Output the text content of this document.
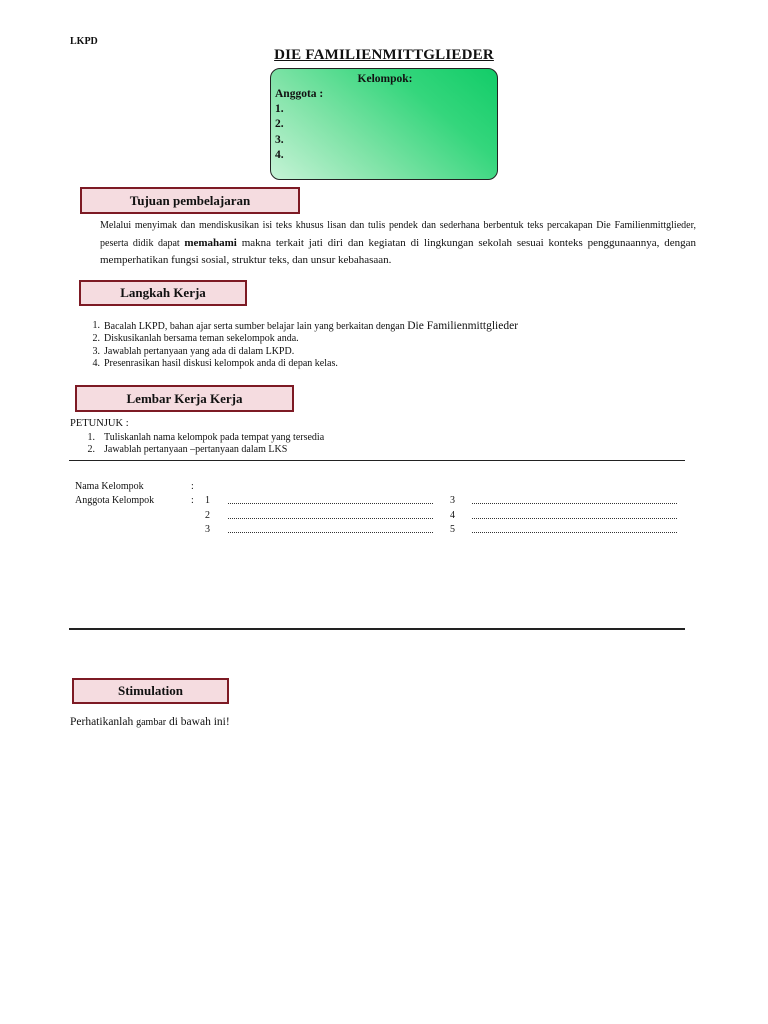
LKPD
DIE FAMILIENMITTGLIEDER
Kelompok:
Anggota :
1.
2.
3.
4.
Tujuan pembelajaran
Melalui menyimak dan mendiskusikan isi teks khusus lisan dan tulis pendek dan sederhana berbentuk teks percakapan Die Familienmittglieder, peserta didik dapat memahami makna terkait jati diri dan kegiatan di lingkungan sekolah sesuai konteks penggunaannya, dengan memperhatikan fungsi sosial, struktur teks, dan unsur kebahasaan.
Langkah Kerja
1. Bacalah LKPD, bahan ajar serta sumber belajar lain yang berkaitan dengan Die Familienmittglieder
2. Diskusikanlah bersama teman sekelompok anda.
3. Jawablah pertanyaan yang ada di dalam LKPD.
4. Presenrasikan hasil diskusi kelompok anda di depan kelas.
Lembar Kerja Kerja
PETUNJUK :
1. Tuliskanlah nama kelompok pada tempat yang tersedia
2. Jawablah pertanyaan –pertanyaan dalam LKS
Nama Kelompok	:
Anggota Kelompok	: 1
2
3
3
4
5
Stimulation
Perhatikanlah gambar di bawah ini!
